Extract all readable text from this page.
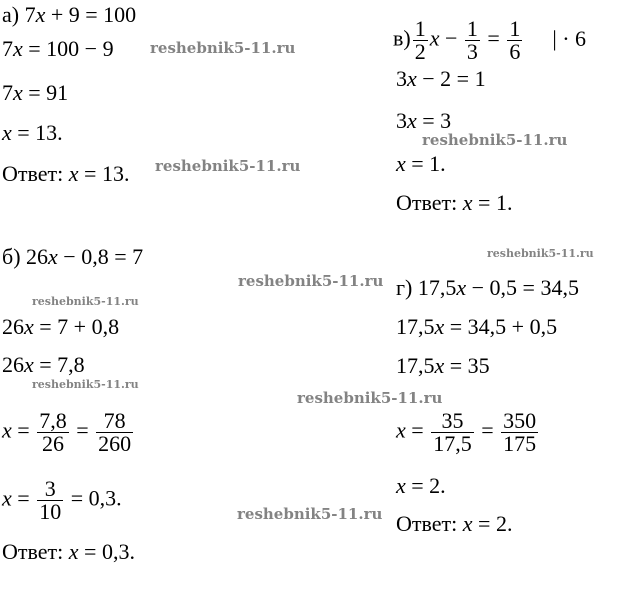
а) 7x + 9 = 100
7x = 100 − 9
7x = 91
x = 13.
Ответ: x = 13.
$в) \frac{1}{2}$ $x - \frac{1}{3} = \frac{1}{6}$ | · 6
3x − 2 = 1
3x = 3
x = 1.
Ответ: x = 1.
б) 26x − 0,8 = 7
26x = 7 + 0,8
26x = 7,8
$x = \frac{7,8}{26} = \frac{78}{260}$
$x = \frac{3}{10} = 0,3$.
Ответ: x = 0,3.
г) 17,5x − 0,5 = 34,5
17,5x = 34,5 + 0,5
17,5x = 35
$x = \frac{35}{17,5} = \frac{350}{175}$
x = 2.
Ответ: x = 2.
reshebnik5-11.ru
reshebnik5-11.ru
reshebnik5-11.ru
reshebnik5-11.ru
reshebnik5-11.ru
reshebnik5-11.ru
reshebnik5-11.ru
reshebnik5-11.ru
reshebnik5-11.ru
